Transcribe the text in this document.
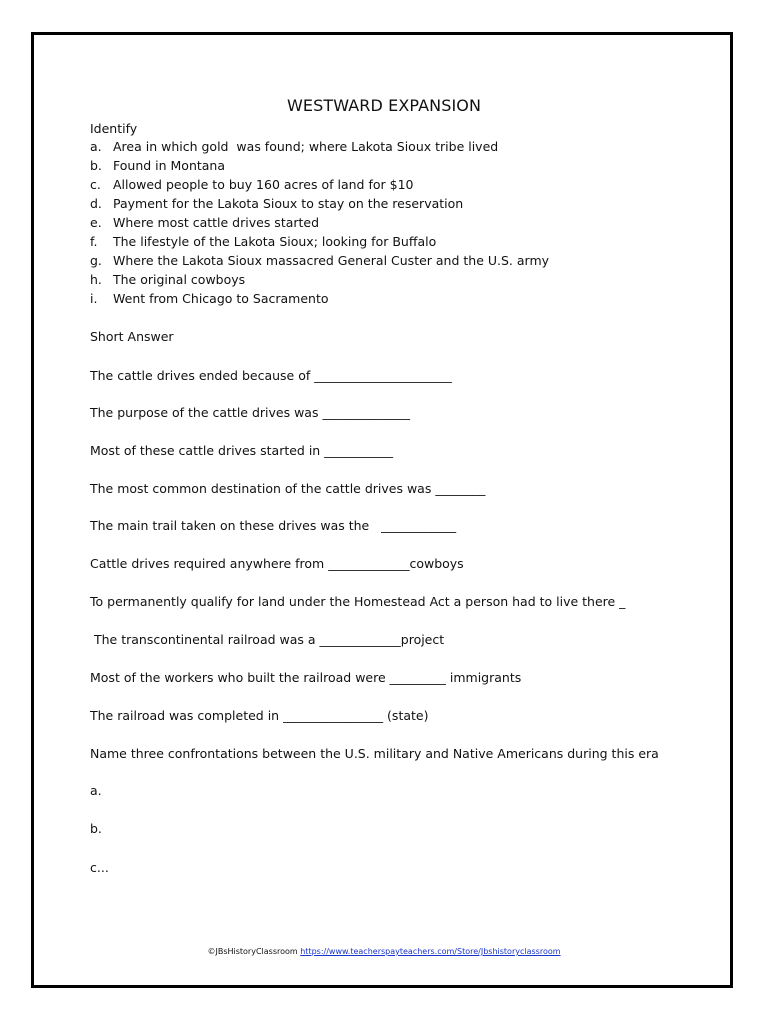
WESTWARD EXPANSION
Identify
a. Area in which gold  was found; where Lakota Sioux tribe lived
b. Found in Montana
c. Allowed people to buy 160 acres of land for $10
d. Payment for the Lakota Sioux to stay on the reservation
e. Where most cattle drives started
f. The lifestyle of the Lakota Sioux; looking for Buffalo
g. Where the Lakota Sioux massacred General Custer and the U.S. army
h. The original cowboys
i. Went from Chicago to Sacramento
Short Answer
The cattle drives ended because of ______________________
The purpose of the cattle drives was ______________
Most of these cattle drives started in ___________
The most common destination of the cattle drives was ________
The main trail taken on these drives was the   ____________
Cattle drives required anywhere from _____________cowboys
To permanently qualify for land under the Homestead Act a person had to live there _
The transcontinental railroad was a _____________project
Most of the workers who built the railroad were _________ immigrants
The railroad was completed in ________________ (state)
Name three confrontations between the U.S. military and Native Americans during this era
a.
b.
c...
©JBsHistoryClassroom https://www.teacherspayteachers.com/Store/Jbshistoryclassroom
